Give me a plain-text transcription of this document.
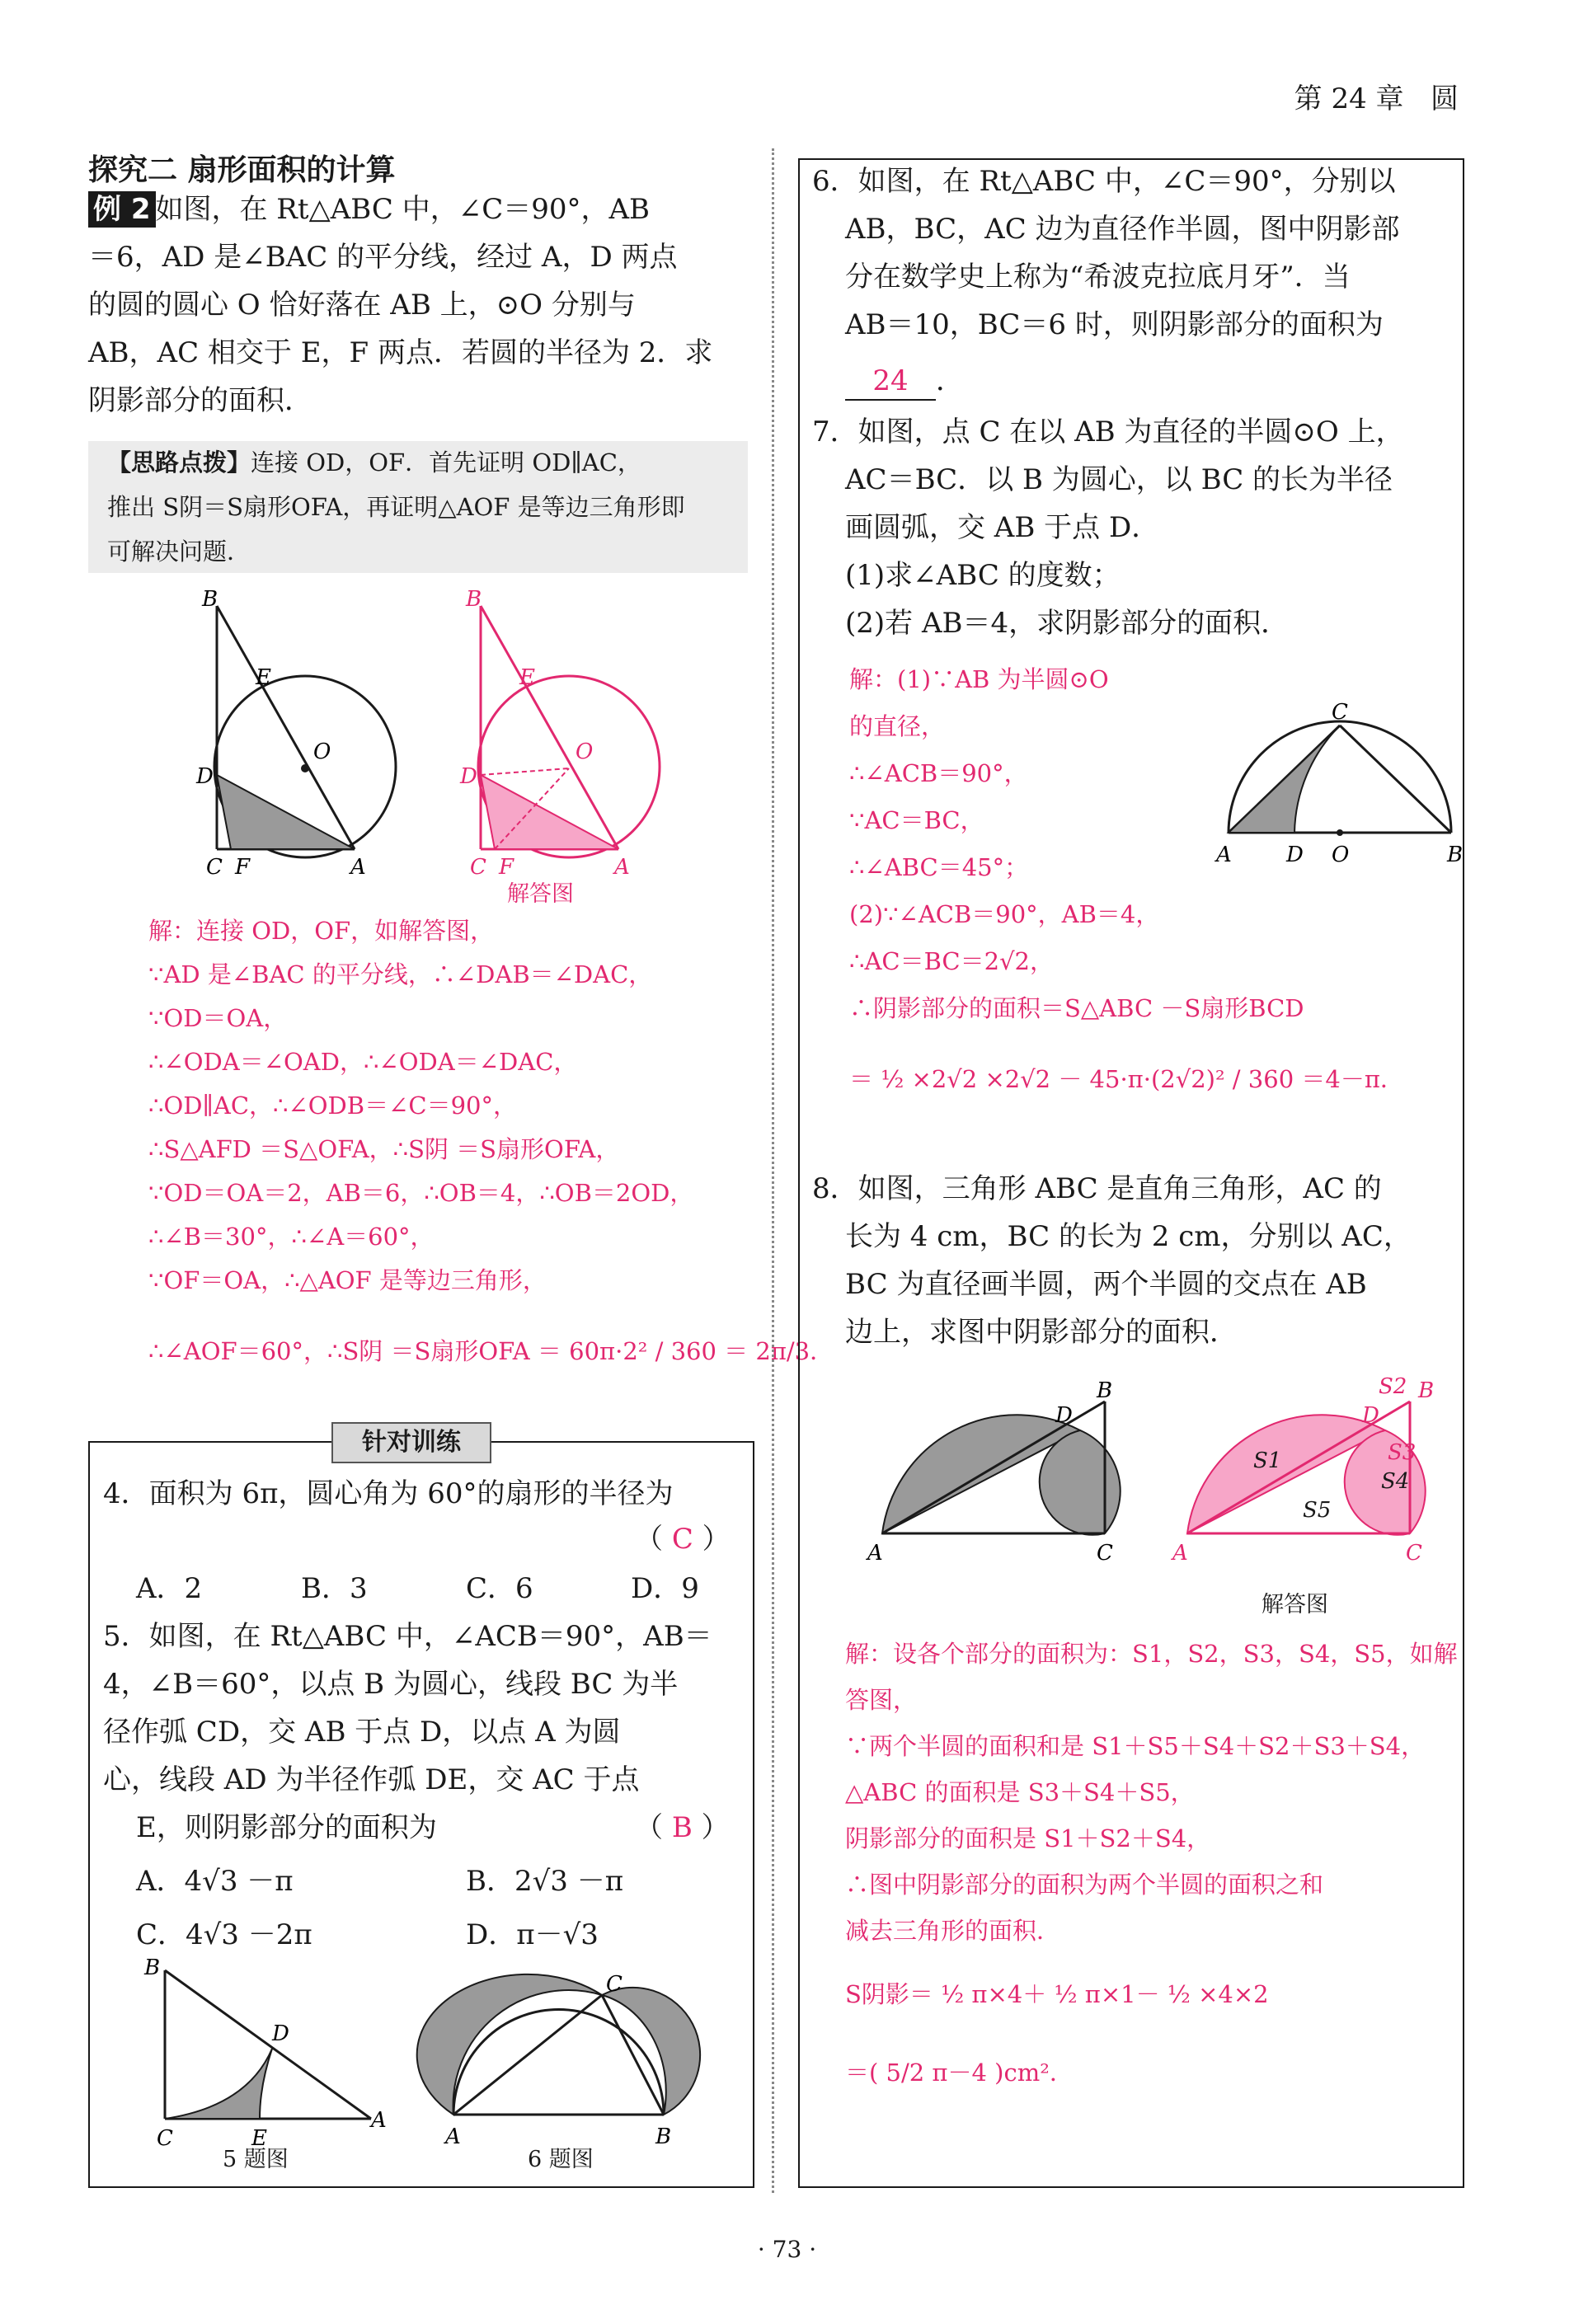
第 24 章 圆
探究二 扇形面积的计算
例 2 如图，在 Rt△ABC 中，∠C＝90°，AB
＝6，AD 是∠BAC 的平分线，经过 A，D 两点
的圆的圆心 O 恰好落在 AB 上，⊙O 分别与
AB，AC 相交于 E，F 两点．若圆的半径为 2．求
阴影部分的面积．
【思路点拨】连接 OD，OF．首先证明 OD∥AC，
推出 S阴＝S扇形OFA，再证明△AOF 是等边三角形即
可解决问题．
B
E
O
D
C F	A
B
E
O
D
C F	A
解答图
解：连接 OD，OF，如解答图，
∵AD 是∠BAC 的平分线，∴∠DAB＝∠DAC，
∵OD＝OA，
∴∠ODA＝∠OAD，∴∠ODA＝∠DAC，
∴OD∥AC，∴∠ODB＝∠C＝90°，
∴S△AFD ＝S△OFA，∴S阴 ＝S扇形OFA，
∵OD＝OA＝2，AB＝6，∴OB＝4，∴OB＝2OD，
∴∠B＝30°，∴∠A＝60°，
∵OF＝OA，∴△AOF 是等边三角形，
∴∠AOF＝60°，∴S阴 ＝S扇形OFA ＝ 60π·2² / 360 ＝ 2π/3．
针对训练
4．面积为 6π，圆心角为 60°的扇形的半径为
（ C ）
A．2	B．3	C．6	D．9
5．如图，在 Rt△ABC 中，∠ACB＝90°，AB＝
4，∠B＝60°，以点 B 为圆心，线段 BC 为半
径作弧 CD，交 AB 于点 D，以点 A 为圆
心，线段 AD 为半径作弧 DE，交 AC 于点
E，则阴影部分的面积为	（ B ）
A．4√3 －π	B．2√3 －π
C．4√3 －2π	D．π－√3
B
D
C	E
A
C
A	B
5 题图	6 题图
6．如图，在 Rt△ABC 中，∠C＝90°，分别以
AB，BC，AC 边为直径作半圆，图中阴影部
分在数学史上称为“希波克拉底月牙”．当
AB＝10，BC＝6 时，则阴影部分的面积为
24 ．
7．如图，点 C 在以 AB 为直径的半圆⊙O 上，
AC＝BC．以 B 为圆心，以 BC 的长为半径
画圆弧，交 AB 于点 D．
(1)求∠ABC 的度数；
(2)若 AB＝4，求阴影部分的面积．
解：(1)∵AB 为半圆⊙O
的直径，
∴∠ACB＝90°，
∵AC＝BC，
∴∠ABC＝45°；
(2)∵∠ACB＝90°，AB＝4，
∴AC＝BC＝2√2，
∴阴影部分的面积＝S△ABC －S扇形BCD
＝ ½ ×2√2 ×2√2 － 45·π·(2√2)² / 360 ＝4－π．
C
A	D O	B
8．如图，三角形 ABC 是直角三角形，AC 的
长为 4 cm，BC 的长为 2 cm，分别以 AC，
BC 为直径画半圆，两个半圆的交点在 AB
边上，求图中阴影部分的面积．
D
B
A	C
S2 B
D
S3
S1
S4
S5
A	C
解答图
解：设各个部分的面积为：S1，S2，S3，S4，S5，如解
答图，
∵两个半圆的面积和是 S1＋S5＋S4＋S2＋S3＋S4，
△ABC 的面积是 S3＋S4＋S5，
阴影部分的面积是 S1＋S2＋S4，
∴图中阴影部分的面积为两个半圆的面积之和
减去三角形的面积．
S阴影＝ ½ π×4＋ ½ π×1－ ½ ×4×2
＝( 5/2 π－4 )cm²．
· 73 ·
